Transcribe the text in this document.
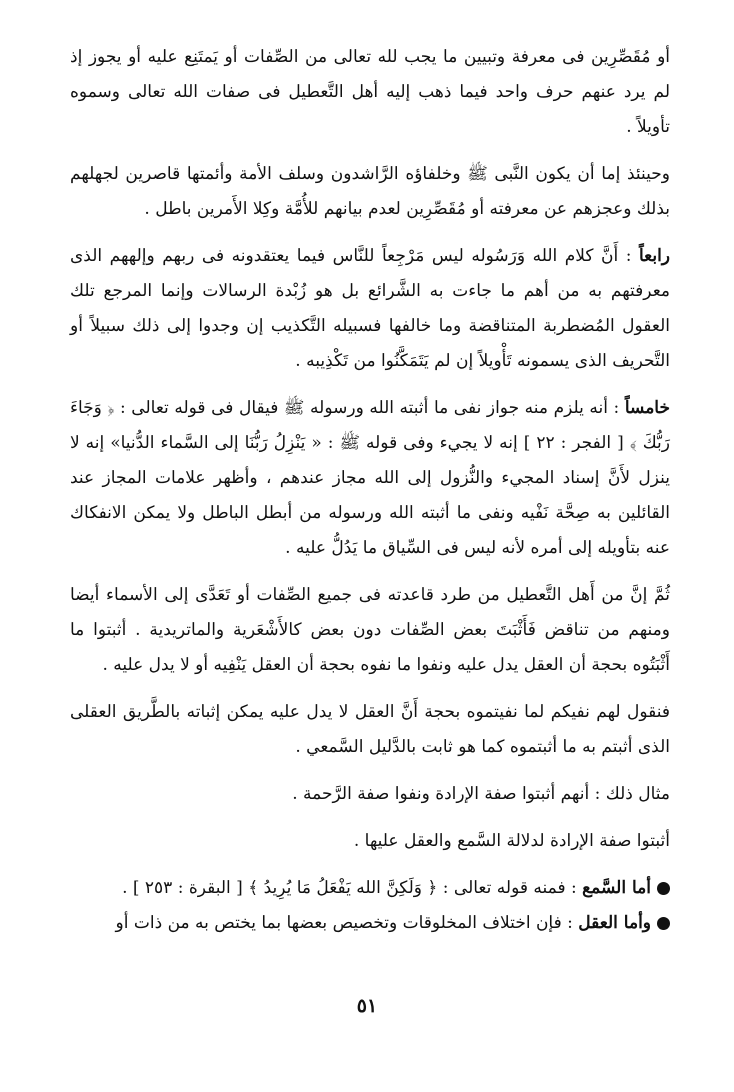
أو مُقَصِّرِين فى معرفة وتبيين ما يجب لله تعالى من الصِّفات أو يَمتَنِع عليه أو يجوز إذ لم يرد عنهم حرف واحد فيما ذهب إليه أهل التَّعطيل فى صفات الله تعالى وسموه تأويلاً .

وحينئذ إما أن يكون النَّبى ﷺ وخلفاؤه الرَّاشدون وسلف الأمة وأئمتها قاصرين لجهلهم بذلك وعجزهم عن معرفته أو مُقَصِّرِين لعدم بيانهم للأُمَّة وكِلا الأَمرين باطل .

رابعاً : أَنَّ كلام الله وَرَسُوله ليس مَرْجِعاً للنَّاس فيما يعتقدونه فى ربهم وإلههم الذى معرفتهم به من أهم ما جاءت به الشَّرائع بل هو زُبْدة الرسالات وإنما المرجع تلك العقول المُضطربة المتناقضة وما خالفها فسبيله التَّكذيب إن وجدوا إلى ذلك سبيلاً أو التَّحريف الذى يسمونه تَأْويلاً إن لم يَتَمَكَّنُوا من تَكْذِيبه .

خامساً : أنه يلزم منه جواز نفى ما أثبته الله ورسوله ﷺ فيقال فى قوله تعالى : ﴿ وَجَاءَ رَبُّكَ ﴾ [ الفجر : ٢٢ ] إنه لا يجيء وفى قوله ﷺ : « يَنْزِلُ رَبُّنَا إلى السَّماء الدُّنيا» إنه لا ينزل لأَنَّ إسناد المجيء والنُّزول إلى الله مجاز عندهم ، وأظهر علامات المجاز عند القائلين به صِحَّة نَفْيه ونفى ما أثبته الله ورسوله من أبطل الباطل ولا يمكن الانفكاك عنه بتأويله إلى أمره لأنه ليس فى السِّياق ما يَدُلُّ عليه .

ثُمَّ إنَّ من أَهل التَّعطيل من طرد قاعدته فى جميع الصِّفات أو تَعَدَّى إلى الأسماء أيضا ومنهم من تناقض فَأَثْبَتَ بعض الصِّفات دون بعض كالأَشْعَرية والماتريدية . أثبتوا ما أَثْبَتُوه بحجة أن العقل يدل عليه ونفوا ما نفوه بحجة أن العقل يَنْفِيه أو لا يدل عليه .

فنقول لهم نفيكم لما نفيتموه بحجة أَنَّ العقل لا يدل عليه يمكن إثباته بالطَّريق العقلى الذى أثبتم به ما أثبتموه كما هو ثابت بالدَّليل السَّمعي .

مثال ذلك : أنهم أثبتوا صفة الإرادة ونفوا صفة الرَّحمة .

أثبتوا صفة الإرادة لدلالة السَّمع والعقل عليها .

أما السَّمع : فمنه قوله تعالى : ﴿ وَلَكِنَّ الله يَفْعَلُ مَا يُرِيدُ ﴾ [ البقرة : ٢٥٣ ] .
وأما العقل : فإن اختلاف المخلوقات وتخصيص بعضها بما يختص به من ذات أو
٥١
